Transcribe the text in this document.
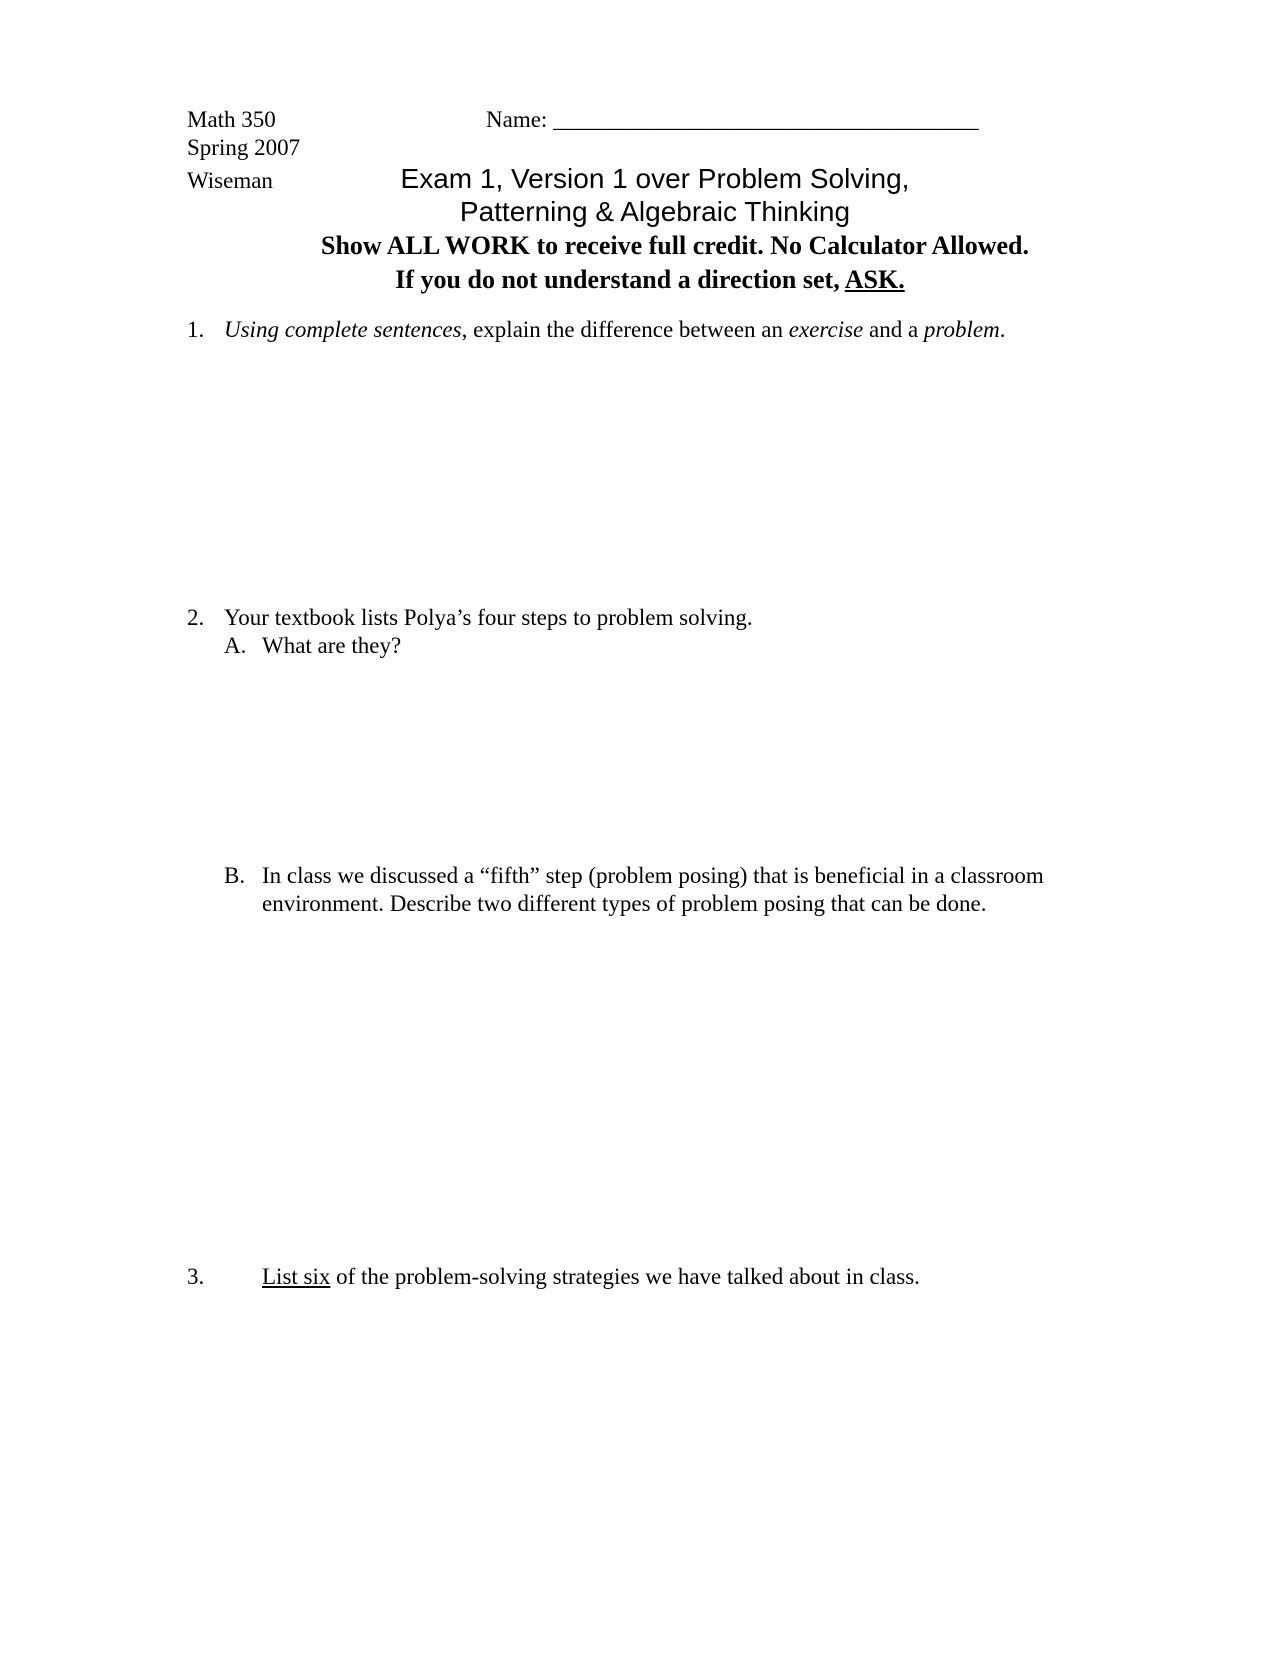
Math 350
Spring 2007
Wiseman
Name: _____________________________________
Exam 1, Version 1 over Problem Solving,
Patterning & Algebraic Thinking
Show ALL WORK to receive full credit. No Calculator Allowed.
If you do not understand a direction set, ASK.
1. Using complete sentences, explain the difference between an exercise and a problem.
2. Your textbook lists Polya’s four steps to problem solving.
A. What are they?
B. In class we discussed a “fifth” step (problem posing) that is beneficial in a classroom
environment. Describe two different types of problem posing that can be done.
3.	List six of the problem-solving strategies we have talked about in class.
